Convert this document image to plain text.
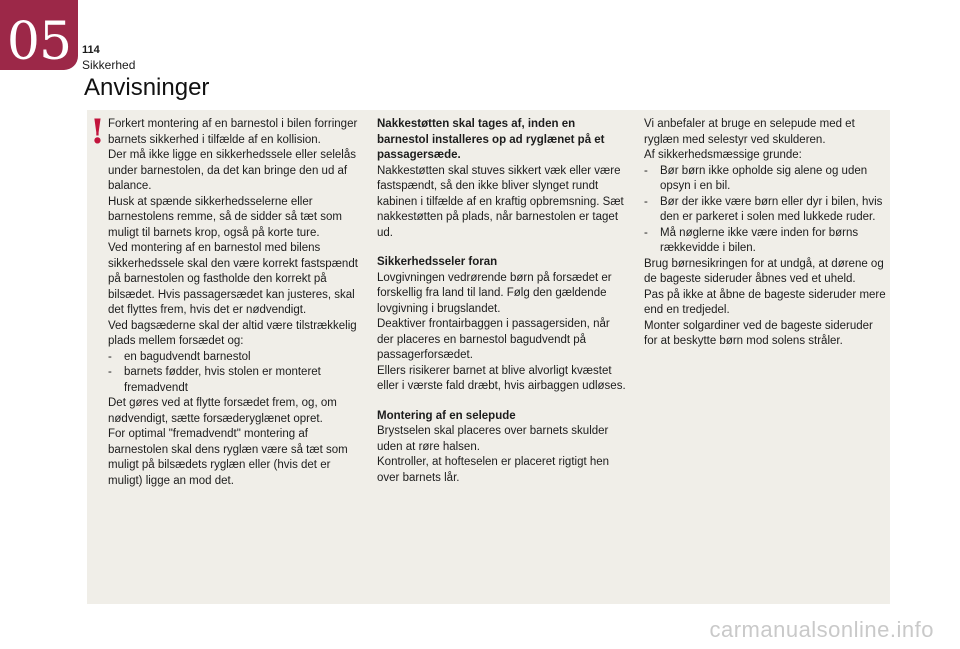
05 114
Sikkerhed
Anvisninger
! Forkert montering af en barnestol i bilen forringer barnets sikkerhed i tilfælde af en kollision.

Der må ikke ligge en sikkerhedssele eller selelås under barnestolen, da det kan bringe den ud af balance.

Husk at spænde sikkerhedsselerne eller barnestolens remme, så de sidder så tæt som muligt til barnets krop, også på korte ture.

Ved montering af en barnestol med bilens sikkerhedssele skal den være korrekt fastspændt på barnestolen og fastholde den korrekt på bilsædet. Hvis passagersædet kan justeres, skal det flyttes frem, hvis det er nødvendigt.

Ved bagsæderne skal der altid være tilstrækkelig plads mellem forsædet og:

- en bagudvendt barnestol

- barnets fødder, hvis stolen er monteret fremadvendt

Det gøres ved at flytte forsædet frem, og, om nødvendigt, sætte forsæderyglænet opret.

For optimal "fremadvendt" montering af barnestolen skal dens ryglæn være så tæt som muligt på bilsædets ryglæn eller (hvis det er muligt) ligge an mod det.

Nakkestøtten skal tages af, inden en barnestol installeres op ad ryglænet på et passagersæde.

Nakkestøtten skal stuves sikkert væk eller være fastspændt, så den ikke bliver slynget rundt kabinen i tilfælde af en kraftig opbremsning. Sæt nakkestøtten på plads, når barnestolen er taget ud.

Sikkerhedsseler foran

Lovgivningen vedrørende børn på forsædet er forskellig fra land til land. Følg den gældende lovgivning i brugslandet.

Deaktiver frontairbaggen i passagersiden, når der placeres en barnestol bagudvendt på passagerforsædet.

Ellers risikerer barnet at blive alvorligt kvæstet eller i værste fald dræbt, hvis airbaggen udløses.

Montering af en selepude

Brystselen skal placeres over barnets skulder uden at røre halsen.

Kontroller, at hofteselen er placeret rigtigt hen over barnets lår.

Vi anbefaler at bruge en selepude med et ryglæn med selestyr ved skulderen.

Af sikkerhedsmæssige grunde:

- Bør børn ikke opholde sig alene og uden opsyn i en bil.

- Bør der ikke være børn eller dyr i bilen, hvis den er parkeret i solen med lukkede ruder.

- Må nøglerne ikke være inden for børns rækkevidde i bilen.

Brug børnesikringen for at undgå, at dørene og de bageste sideruder åbnes ved et uheld.

Pas på ikke at åbne de bageste sideruder mere end en tredjedel.

Monter solgardiner ved de bageste sideruder for at beskytte børn mod solens stråler.

carmanualsonline.info
